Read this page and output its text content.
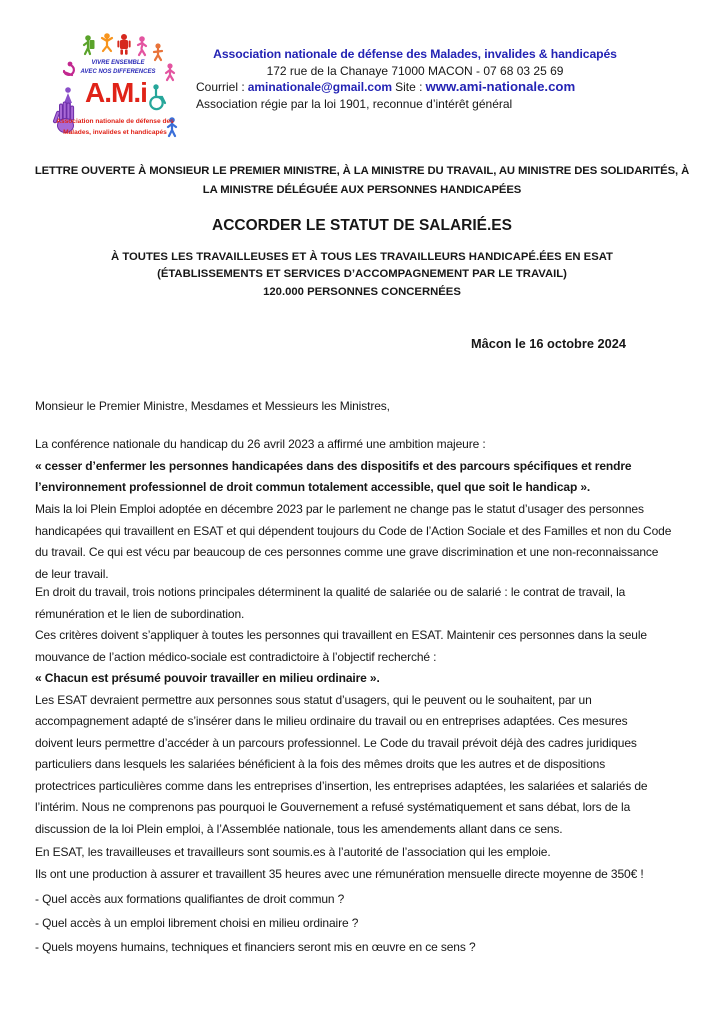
VIVRE ENSEMBLE
AVEC NOS DIFFERENCES
A.M.i
Association nationale de défense des
Malades, invalides et handicapés
Association nationale de défense des Malades, invalides & handicapés
172 rue de la Chanaye 71000 MACON - 07 68 03 25 69
Courriel : aminationale@gmail.com Site : www.ami-nationale.com
Association régie par la loi 1901, reconnue d’intérêt général
LETTRE OUVERTE À MONSIEUR LE PREMIER MINISTRE, À LA MINISTRE DU TRAVAIL, AU MINISTRE DES SOLIDARITÉS, À
LA MINISTRE DÉLÉGUÉE AUX PERSONNES HANDICAPÉES
ACCORDER LE STATUT DE SALARIÉ.ES
À TOUTES LES TRAVAILLEUSES ET À TOUS LES TRAVAILLEURS HANDICAPÉ.ÉES EN ESAT
(ÉTABLISSEMENTS ET SERVICES D’ACCOMPAGNEMENT PAR LE TRAVAIL)
120.000 PERSONNES CONCERNÉES
Mâcon le 16 octobre 2024
Monsieur le Premier Ministre, Mesdames et Messieurs les Ministres,
La conférence nationale du handicap du 26 avril 2023 a affirmé une ambition majeure :
« cesser d’enfermer les personnes handicapées dans des dispositifs et des parcours spécifiques et rendre
l’environnement professionnel de droit commun totalement accessible, quel que soit le handicap ».
Mais la loi Plein Emploi adoptée en décembre 2023 par le parlement ne change pas le statut d’usager des personnes
handicapées qui travaillent en ESAT et qui dépendent toujours du Code de l’Action Sociale et des Familles et non du Code
du travail. Ce qui est vécu par beaucoup de ces personnes comme une grave discrimination et une non-reconnaissance
de leur travail.
En droit du travail, trois notions principales déterminent la qualité de salariée ou de salarié : le contrat de travail, la
rémunération et le lien de subordination.
Ces critères doivent s’appliquer à toutes les personnes qui travaillent en ESAT. Maintenir ces personnes dans la seule
mouvance de l’action médico-sociale est contradictoire à l’objectif recherché :
« Chacun est présumé pouvoir travailler en milieu ordinaire ».
Les ESAT devraient permettre aux personnes sous statut d’usagers, qui le peuvent ou le souhaitent, par un
accompagnement adapté de s’insérer dans le milieu ordinaire du travail ou en entreprises adaptées. Ces mesures
doivent leurs permettre d’accéder à un parcours professionnel. Le Code du travail prévoit déjà des cadres juridiques
particuliers dans lesquels les salariées bénéficient à la fois des mêmes droits que les autres et de dispositions
protectrices particulières comme dans les entreprises d’insertion, les entreprises adaptées, les salariées et salariés de
l’intérim. Nous ne comprenons pas pourquoi le Gouvernement a refusé systématiquement et sans débat, lors de la
discussion de la loi Plein emploi, à l’Assemblée nationale, tous les amendements allant dans ce sens.
En ESAT, les travailleuses et travailleurs sont soumis.es à l’autorité de l’association qui les emploie.
Ils ont une production à assurer et travaillent 35 heures avec une rémunération mensuelle directe moyenne de 350€ !
- Quel accès aux formations qualifiantes de droit commun ?
- Quel accès à un emploi librement choisi en milieu ordinaire ?
- Quels moyens humains, techniques et financiers seront mis en œuvre en ce sens ?
